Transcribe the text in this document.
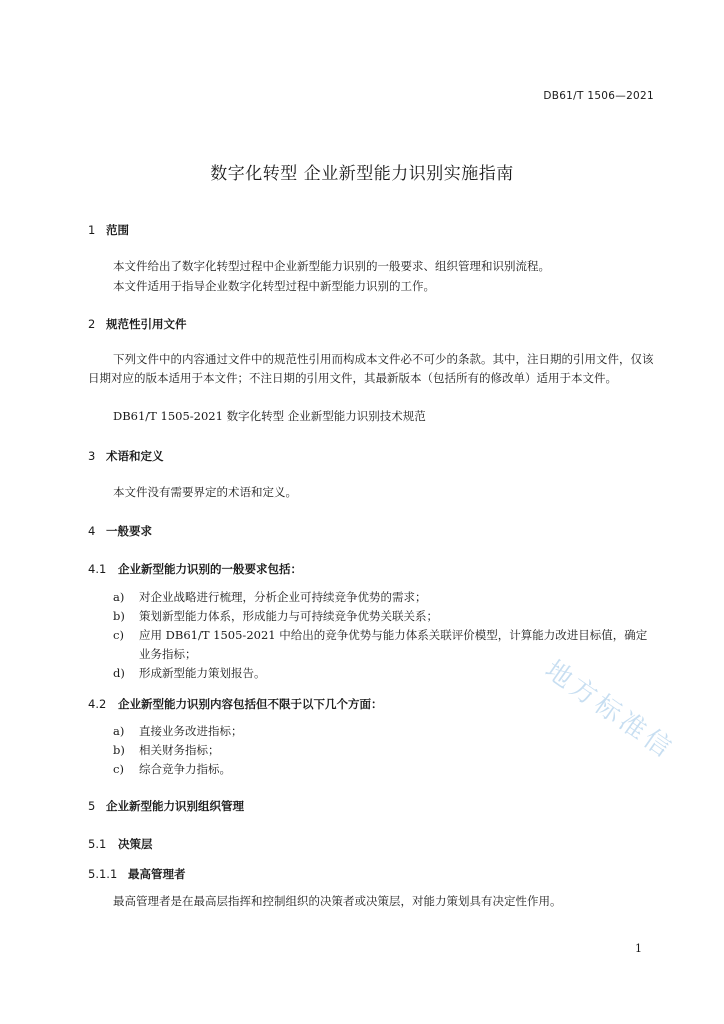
DB61/T 1506—2021
数字化转型 企业新型能力识别实施指南
1 范围
本文件给出了数字化转型过程中企业新型能力识别的一般要求、组织管理和识别流程。
本文件适用于指导企业数字化转型过程中新型能力识别的工作。
2 规范性引用文件
下列文件中的内容通过文件中的规范性引用而构成本文件必不可少的条款。其中，注日期的引用文件，仅该日期对应的版本适用于本文件；不注日期的引用文件，其最新版本（包括所有的修改单）适用于本文件。
DB61/T 1505-2021 数字化转型 企业新型能力识别技术规范
3 术语和定义
本文件没有需要界定的术语和定义。
4 一般要求
4.1 企业新型能力识别的一般要求包括：
a)	对企业战略进行梳理，分析企业可持续竞争优势的需求；
b)	策划新型能力体系，形成能力与可持续竞争优势关联关系；
c)	应用 DB61/T 1505-2021 中给出的竞争优势与能力体系关联评价模型，计算能力改进目标值，确定业务指标；
d)	形成新型能力策划报告。
4.2 企业新型能力识别内容包括但不限于以下几个方面：
a)	直接业务改进指标；
b)	相关财务指标；
c)	综合竞争力指标。
5 企业新型能力识别组织管理
5.1 决策层
5.1.1 最高管理者
最高管理者是在最高层指挥和控制组织的决策者或决策层，对能力策划具有决定性作用。
1
地方标准信
